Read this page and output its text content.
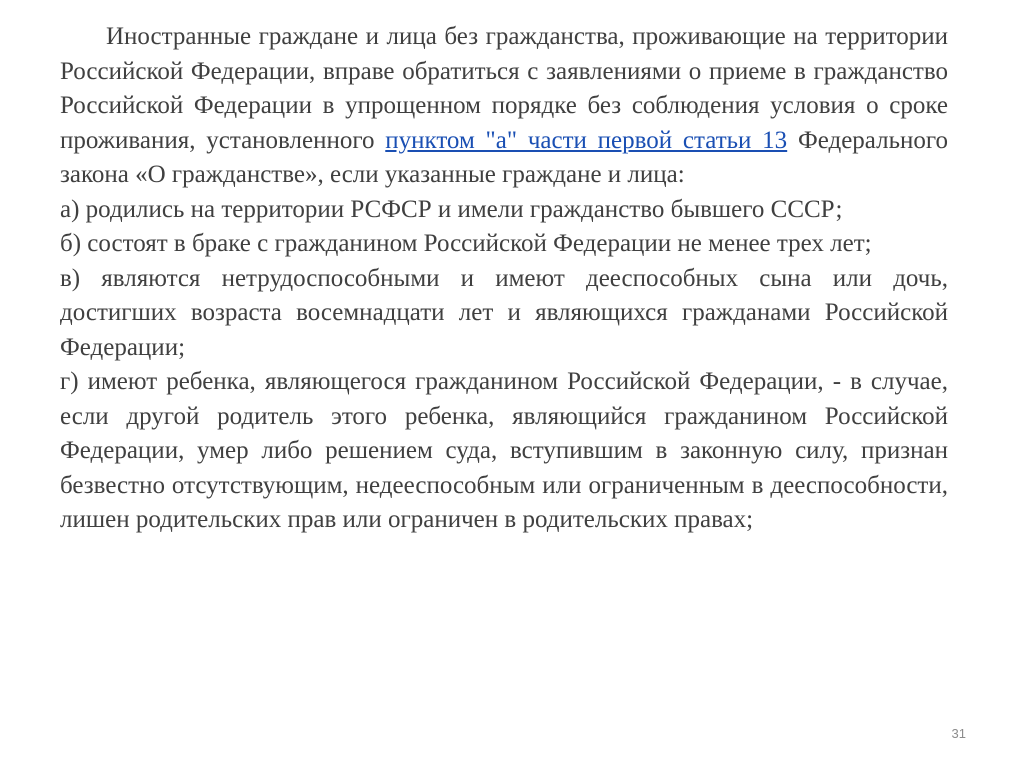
Иностранные граждане и лица без гражданства, проживающие на территории Российской Федерации, вправе обратиться с заявлениями о приеме в гражданство Российской Федерации в упрощенном порядке без соблюдения условия о сроке проживания, установленного пунктом "а" части первой статьи 13 Федерального закона «О гражданстве», если указанные граждане и лица:

а) родились на территории РСФСР и имели гражданство бывшего СССР;

б) состоят в браке с гражданином Российской Федерации не менее трех лет;

в) являются нетрудоспособными и имеют дееспособных сына или дочь, достигших возраста восемнадцати лет и являющихся гражданами Российской Федерации;

г) имеют ребенка, являющегося гражданином Российской Федерации, - в случае, если другой родитель этого ребенка, являющийся гражданином Российской Федерации, умер либо решением суда, вступившим в законную силу, признан безвестно отсутствующим, недееспособным или ограниченным в дееспособности, лишен родительских прав или ограничен в родительских правах;

31
